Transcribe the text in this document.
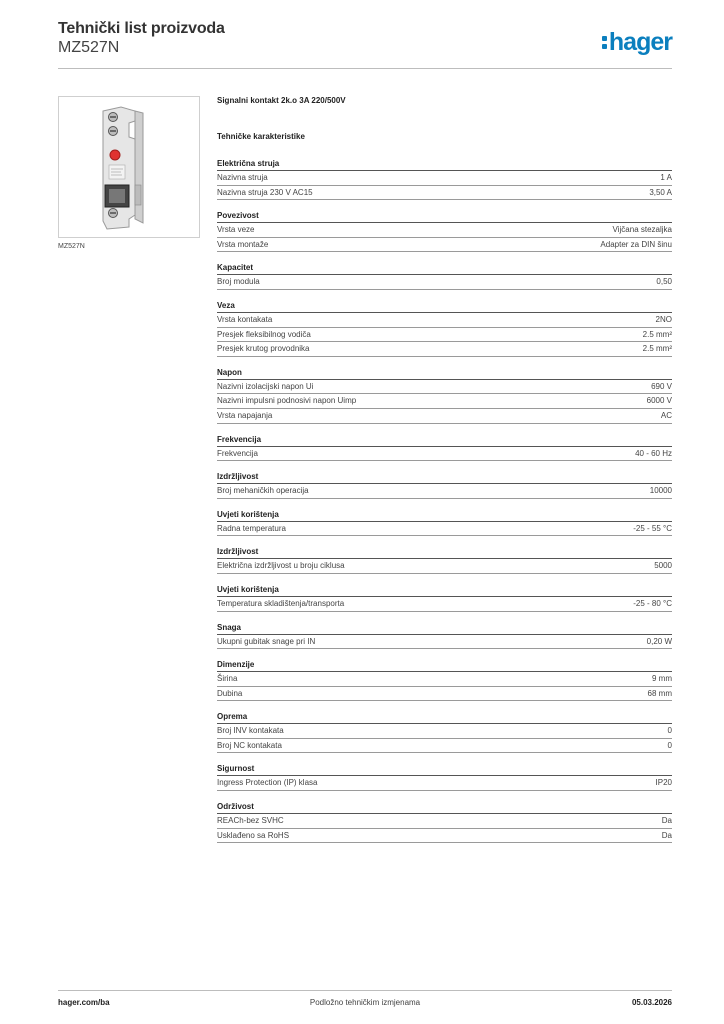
Tehnički list proizvoda
MZ527N	hager
MZ527N
Signalni kontakt 2k.o 3A 220/500V
Tehničke karakteristike
Električna struja
Nazivna struja	1 A
Nazivna struja 230 V AC15	3,50 A
Povezivost
Vrsta veze	Vijčana stezaljka
Vrsta montaže	Adapter za DIN šinu
Kapacitet
Broj modula	0,50
Veza
Vrsta kontakata	2NO
Presjek fleksibilnog vodiča	2.5 mm²
Presjek krutog provodnika	2.5 mm²
Napon
Nazivni izolacijski napon Ui	690 V
Nazivni impulsni podnosivi napon Uimp	6000 V
Vrsta napajanja	AC
Frekvencija
Frekvencija	40 - 60 Hz
Izdržljivost
Broj mehaničkih operacija	10000
Uvjeti korištenja
Radna temperatura	-25 - 55 °C
Izdržljivost
Električna izdržljivost u broju ciklusa	5000
Uvjeti korištenja
Temperatura skladištenja/transporta	-25 - 80 °C
Snaga
Ukupni gubitak snage pri IN	0,20 W
Dimenzije
Širina	9 mm
Dubina	68 mm
Oprema
Broj INV kontakata	0
Broj NC kontakata	0
Sigurnost
Ingress Protection (IP) klasa	IP20
Održivost
REACh-bez SVHC	Da
Usklađeno sa RoHS	Da
hager.com/ba	Podložno tehničkim izmjenama	05.03.2026
